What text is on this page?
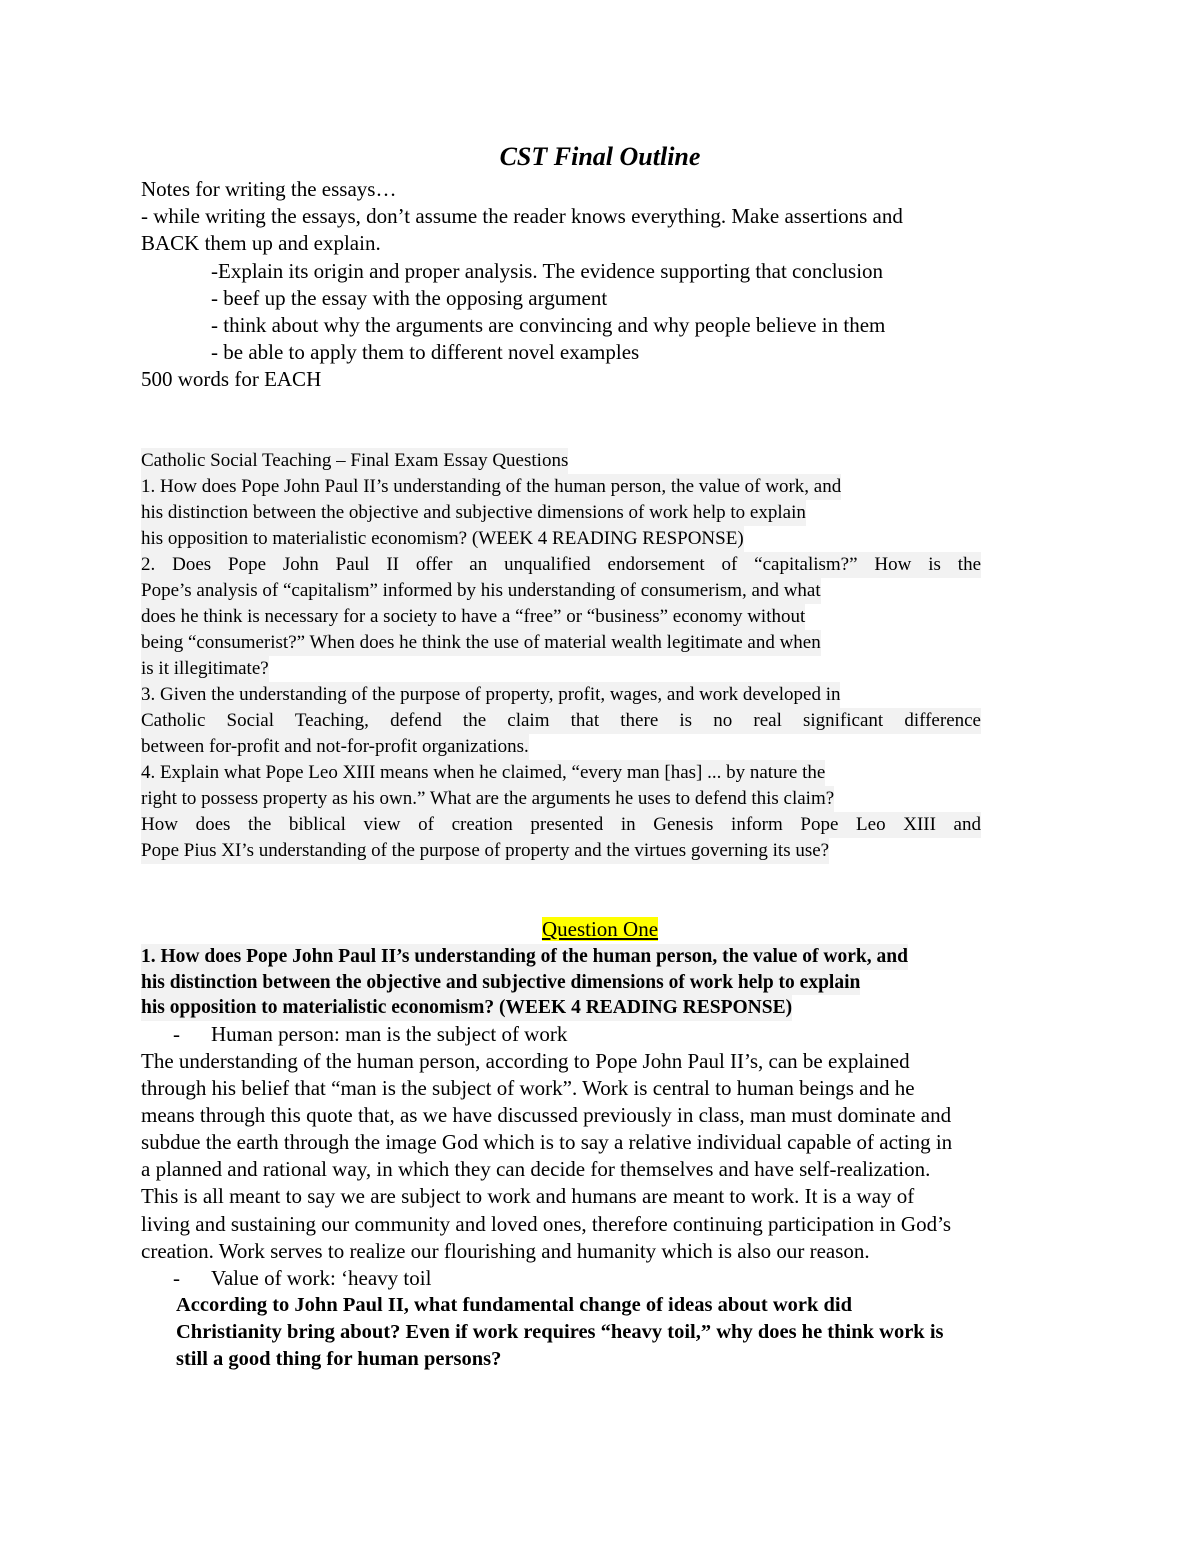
CST Final Outline
Notes for writing the essays…
- while writing the essays, don’t assume the reader knows everything. Make assertions and
BACK them up and explain.
-Explain its origin and proper analysis. The evidence supporting that conclusion
- beef up the essay with the opposing argument
- think about why the arguments are convincing and why people believe in them
- be able to apply them to different novel examples
500 words for EACH
Catholic Social Teaching – Final Exam Essay Questions
1. How does Pope John Paul II’s understanding of the human person, the value of work, and
his distinction between the objective and subjective dimensions of work help to explain
his opposition to materialistic economism? (WEEK 4 READING RESPONSE)
2. Does Pope John Paul II offer an unqualified endorsement of “capitalism?” How is the
Pope’s analysis of “capitalism” informed by his understanding of consumerism, and what
does he think is necessary for a society to have a “free” or “business” economy without
being “consumerist?” When does he think the use of material wealth legitimate and when
is it illegitimate?
3. Given the understanding of the purpose of property, profit, wages, and work developed in
Catholic Social Teaching, defend the claim that there is no real significant difference
between for-profit and not-for-profit organizations.
4. Explain what Pope Leo XIII means when he claimed, “every man [has] ... by nature the
right to possess property as his own.” What are the arguments he uses to defend this claim?
How does the biblical view of creation presented in Genesis inform Pope Leo XIII and
Pope Pius XI’s understanding of the purpose of property and the virtues governing its use?
Question One
1. How does Pope John Paul II’s understanding of the human person, the value of work, and
his distinction between the objective and subjective dimensions of work help to explain
his opposition to materialistic economism? (WEEK 4 READING RESPONSE)
- Human person: man is the subject of work
The understanding of the human person, according to Pope John Paul II’s, can be explained
through his belief that “man is the subject of work”. Work is central to human beings and he
means through this quote that, as we have discussed previously in class, man must dominate and
subdue the earth through the image God which is to say a relative individual capable of acting in
a planned and rational way, in which they can decide for themselves and have self-realization.
This is all meant to say we are subject to work and humans are meant to work. It is a way of
living and sustaining our community and loved ones, therefore continuing participation in God’s
creation. Work serves to realize our flourishing and humanity which is also our reason.
- Value of work: ‘heavy toil
According to John Paul II, what fundamental change of ideas about work did
Christianity bring about? Even if work requires “heavy toil,” why does he think work is
still a good thing for human persons?
